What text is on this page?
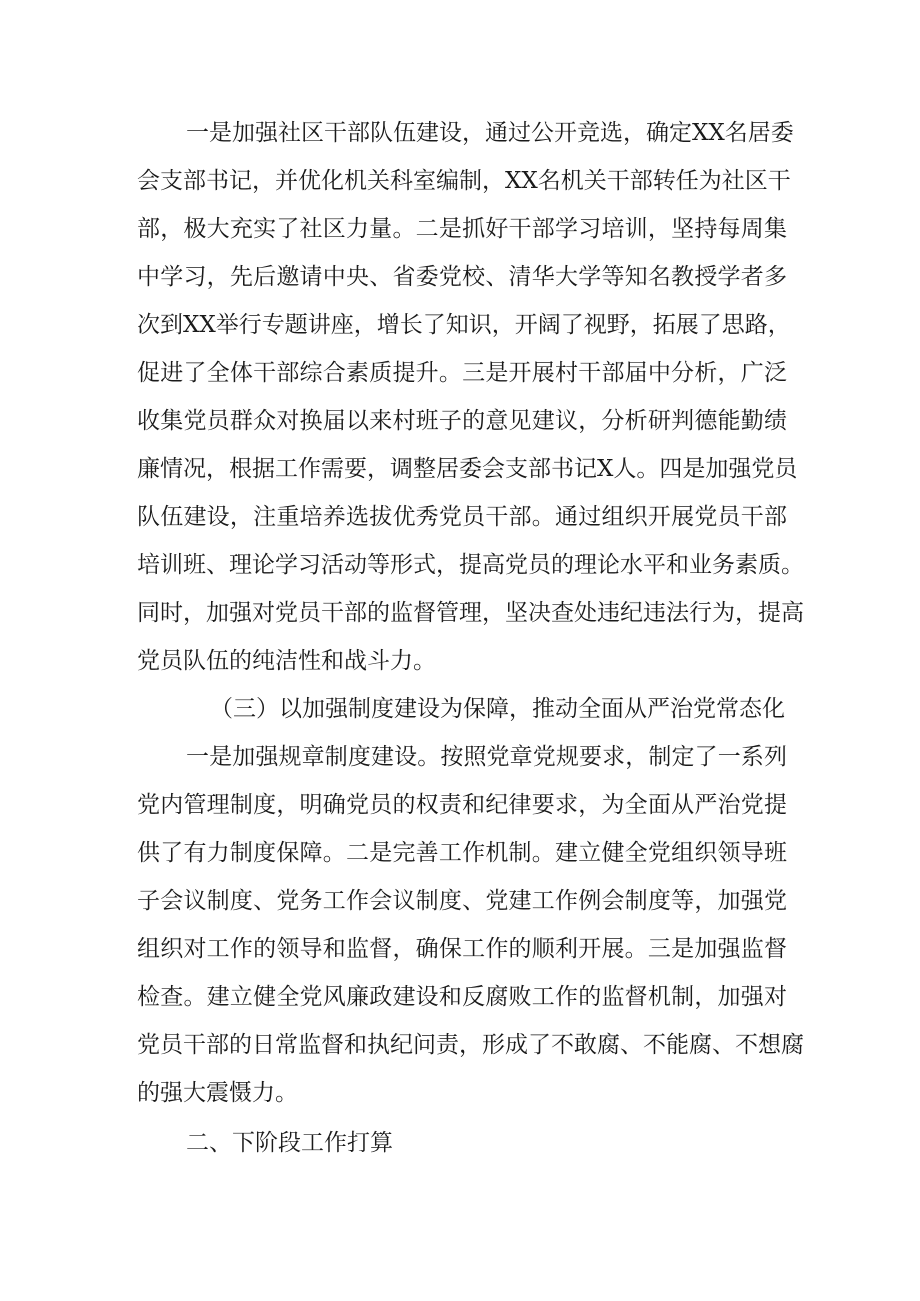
一是加强社区干部队伍建设，通过公开竞选，确定XX名居委

会支部书记，并优化机关科室编制，XX名机关干部转任为社区干

部，极大充实了社区力量。二是抓好干部学习培训，坚持每周集

中学习，先后邀请中央、省委党校、清华大学等知名教授学者多

次到XX举行专题讲座，增长了知识，开阔了视野，拓展了思路，

促进了全体干部综合素质提升。三是开展村干部届中分析，广泛

收集党员群众对换届以来村班子的意见建议，分析研判德能勤绩

廉情况，根据工作需要，调整居委会支部书记X人。四是加强党员

队伍建设，注重培养选拔优秀党员干部。通过组织开展党员干部

培训班、理论学习活动等形式，提高党员的理论水平和业务素质。

同时，加强对党员干部的监督管理，坚决查处违纪违法行为，提高

党员队伍的纯洁性和战斗力。

（三）以加强制度建设为保障，推动全面从严治党常态化

一是加强规章制度建设。按照党章党规要求，制定了一系列

党内管理制度，明确党员的权责和纪律要求，为全面从严治党提

供了有力制度保障。二是完善工作机制。建立健全党组织领导班

子会议制度、党务工作会议制度、党建工作例会制度等，加强党

组织对工作的领导和监督，确保工作的顺利开展。三是加强监督

检查。建立健全党风廉政建设和反腐败工作的监督机制，加强对

党员干部的日常监督和执纪问责，形成了不敢腐、不能腐、不想腐

的强大震慑力。

二、下阶段工作打算
